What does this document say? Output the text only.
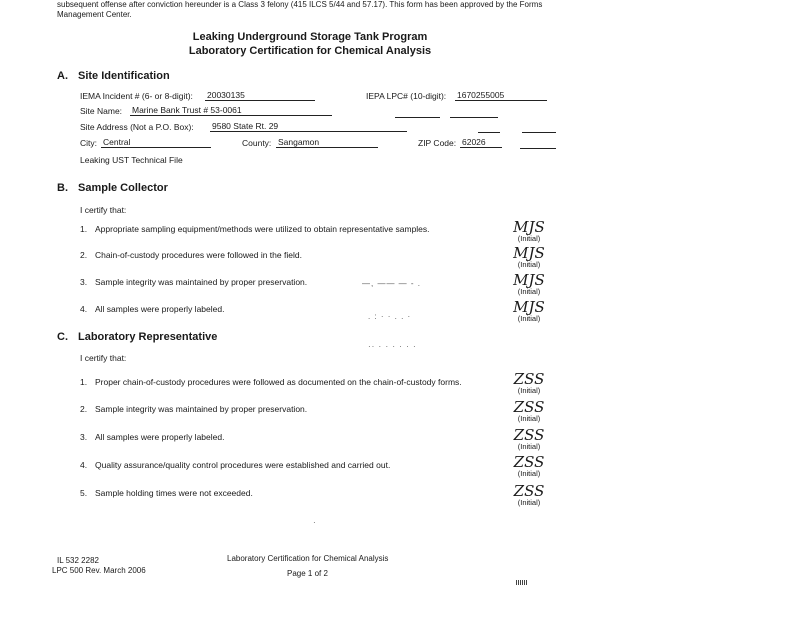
subsequent offense after conviction hereunder is a Class 3 felony (415 ILCS 5/44 and 57.17). This form has been approved by the Forms
Management Center.
Leaking Underground Storage Tank Program
Laboratory Certification for Chemical Analysis
A. Site Identification
IEMA Incident # (6- or 8-digit): 20030135	IEPA LPC# (10-digit): 1670255005
Site Name: Marine Bank Trust # 53-0061
Site Address (Not a P.O. Box): 9580 State Rt. 29
City: Central	County: Sangamon	ZIP Code: 62026
Leaking UST Technical File
B. Sample Collector
I certify that:
1. Appropriate sampling equipment/methods were utilized to obtain representative samples.	MJS
(Initial)
2. Chain-of-custody procedures were followed in the field.	MJS
(Initial)
3. Sample integrity was maintained by proper preservation.	—, —— — - .	MJS
(Initial)
4. All samples were properly labeled.
. : · · . . ·
MJS
(Initial)
C. Laboratory Representative
·· · · · · · ·
I certify that:
1. Proper chain-of-custody procedures were followed as documented on the chain-of-custody forms.	ZSS
(Initial)
2. Sample integrity was maintained by proper preservation.	ZSS
(Initial)
3. All samples were properly labeled.	ZSS
(Initial)
4. Quality assurance/quality control procedures were established and carried out.	ZSS
(Initial)
5. Sample holding times were not exceeded.	ZSS
(Initial)
·
IL 532 2282
LPC 500 Rev. March 2006
Laboratory Certification for Chemical Analysis
Page 1 of 2
